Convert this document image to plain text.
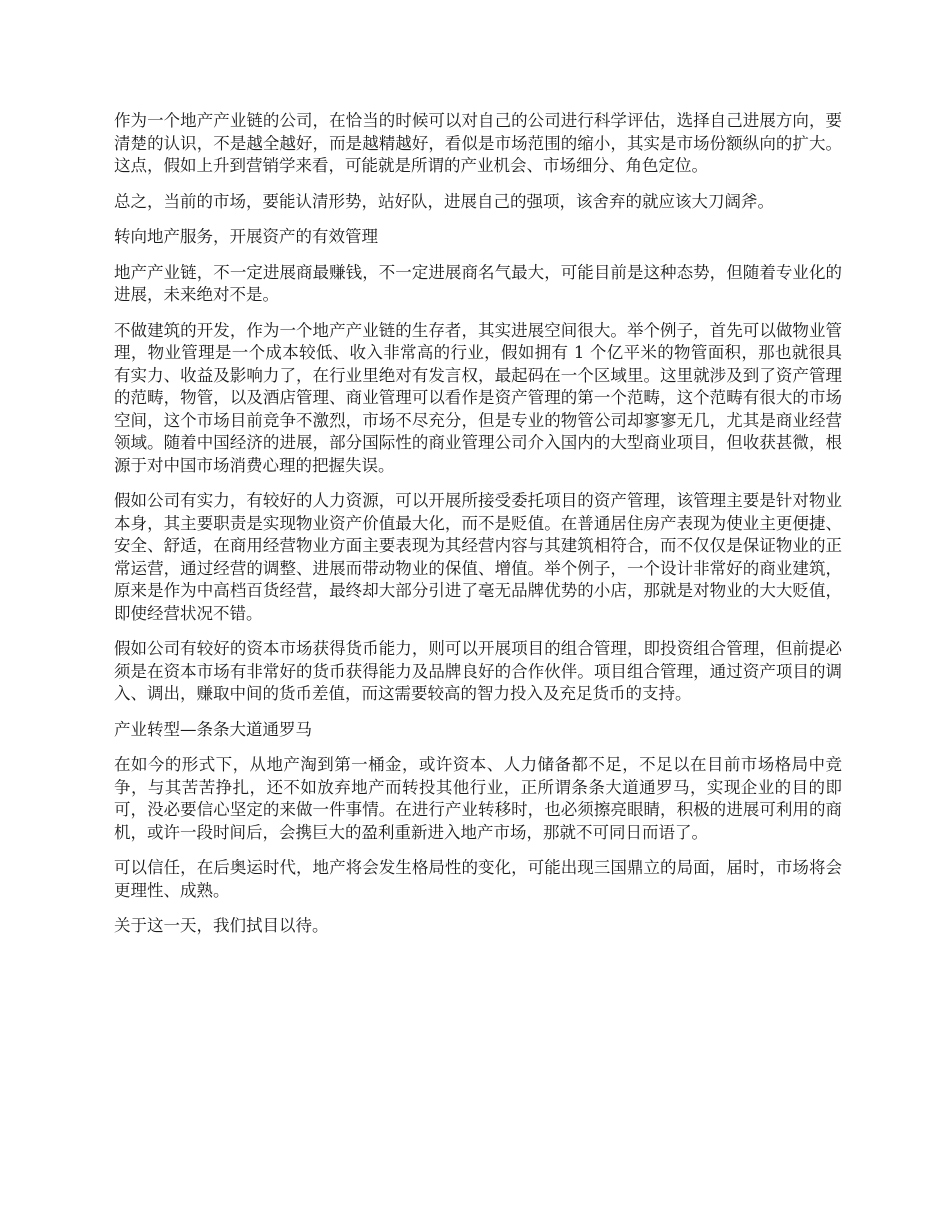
作为一个地产产业链的公司，在恰当的时候可以对自己的公司进行科学评估，选择自己进展方向，要清楚的认识，不是越全越好，而是越精越好，看似是市场范围的缩小，其实是市场份额纵向的扩大。这点，假如上升到营销学来看，可能就是所谓的产业机会、市场细分、角色定位。

总之，当前的市场，要能认清形势，站好队，进展自己的强项，该舍弃的就应该大刀阔斧。

转向地产服务，开展资产的有效管理

地产产业链，不一定进展商最赚钱，不一定进展商名气最大，可能目前是这种态势，但随着专业化的进展，未来绝对不是。

不做建筑的开发，作为一个地产产业链的生存者，其实进展空间很大。举个例子，首先可以做物业管理，物业管理是一个成本较低、收入非常高的行业，假如拥有 1 个亿平米的物管面积，那也就很具有实力、收益及影响力了，在行业里绝对有发言权，最起码在一个区域里。这里就涉及到了资产管理的范畴，物管，以及酒店管理、商业管理可以看作是资产管理的第一个范畴，这个范畴有很大的市场空间，这个市场目前竞争不激烈，市场不尽充分，但是专业的物管公司却寥寥无几，尤其是商业经营领域。随着中国经济的进展，部分国际性的商业管理公司介入国内的大型商业项目，但收获甚微，根源于对中国市场消费心理的把握失误。

假如公司有实力，有较好的人力资源，可以开展所接受委托项目的资产管理，该管理主要是针对物业本身，其主要职责是实现物业资产价值最大化，而不是贬值。在普通居住房产表现为使业主更便捷、安全、舒适，在商用经营物业方面主要表现为其经营内容与其建筑相符合，而不仅仅是保证物业的正常运营，通过经营的调整、进展而带动物业的保值、增值。举个例子，一个设计非常好的商业建筑，原来是作为中高档百货经营，最终却大部分引进了毫无品牌优势的小店，那就是对物业的大大贬值，即使经营状况不错。

假如公司有较好的资本市场获得货币能力，则可以开展项目的组合管理，即投资组合管理，但前提必须是在资本市场有非常好的货币获得能力及品牌良好的合作伙伴。项目组合管理，通过资产项目的调入、调出，赚取中间的货币差值，而这需要较高的智力投入及充足货币的支持。

产业转型—条条大道通罗马

在如今的形式下，从地产淘到第一桶金，或许资本、人力储备都不足，不足以在目前市场格局中竞争，与其苦苦挣扎，还不如放弃地产而转投其他行业，正所谓条条大道通罗马，实现企业的目的即可，没必要信心坚定的来做一件事情。在进行产业转移时，也必须擦亮眼睛，积极的进展可利用的商机，或许一段时间后，会携巨大的盈利重新进入地产市场，那就不可同日而语了。

可以信任，在后奥运时代，地产将会发生格局性的变化，可能出现三国鼎立的局面，届时，市场将会更理性、成熟。

关于这一天，我们拭目以待。
